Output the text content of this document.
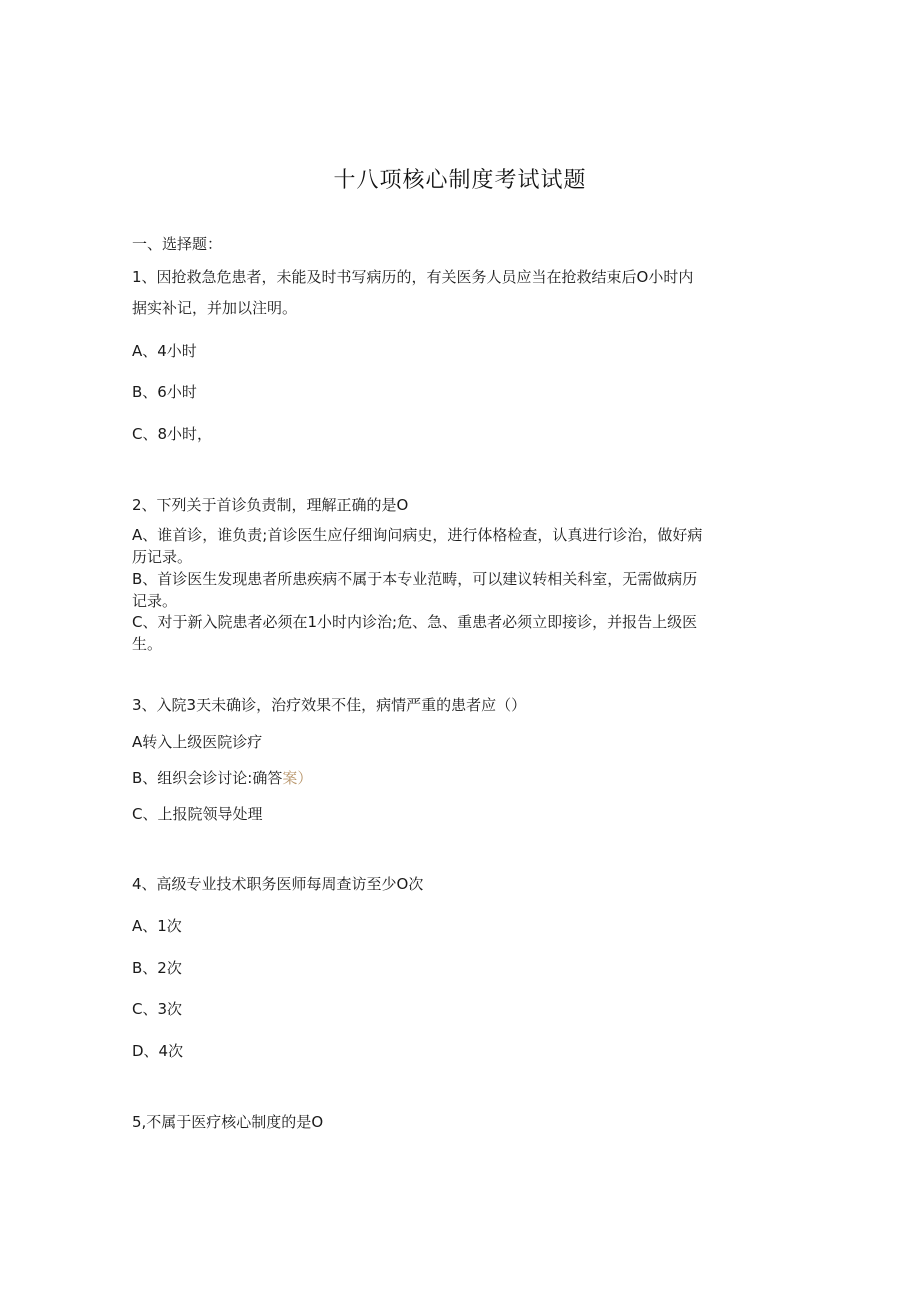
十八项核心制度考试试题
一、选择题：
1、因抢救急危患者，未能及时书写病历的，有关医务人员应当在抢救结束后O小时内
据实补记，并加以注明。
A、4小时
B、6小时
C、8小时，
2、下列关于首诊负责制，理解正确的是O
A、谁首诊，谁负责;首诊医生应仔细询问病史，进行体格检查，认真进行诊治，做好病
历记录。
B、首诊医生发现患者所患疾病不属于本专业范畴，可以建议转相关科室，无需做病历
记录。
C、对于新入院患者必须在1小时内诊治;危、急、重患者必须立即接诊，并报告上级医
生。
3、入院3天未确诊，治疗效果不佳，病情严重的患者应（）
A转入上级医院诊疗
B、组织会诊讨论:确答案）
C、上报院领导处理
4、高级专业技术职务医师每周查访至少O次
A、1次
B、2次
C、3次
D、4次
5,不属于医疗核心制度的是O
